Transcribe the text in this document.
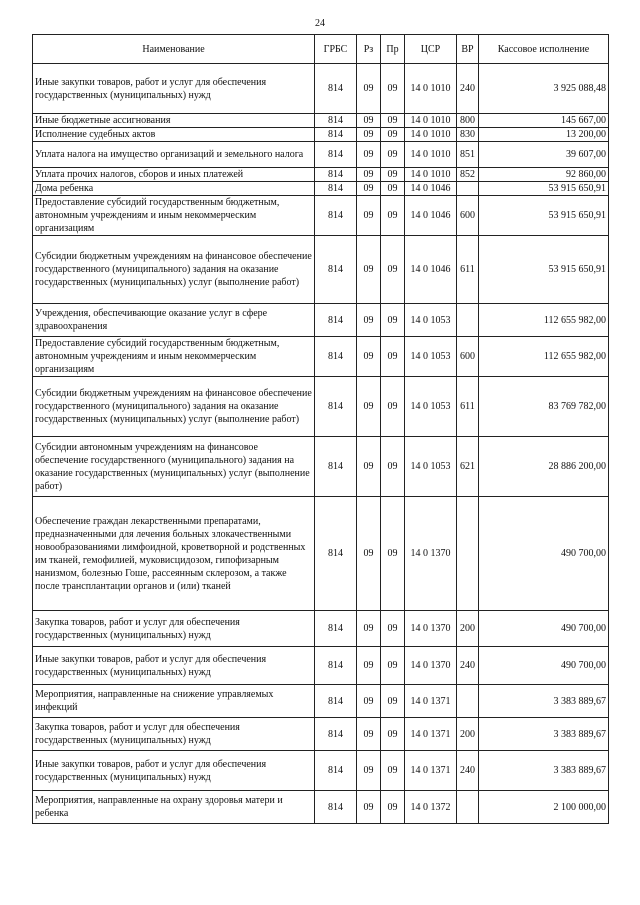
24
Наименование	ГРБС	Рз	Пр	ЦСР	ВР	Кассовое исполнение
Иные закупки товаров, работ и услуг для обеспечения государственных (муниципальных) нужд	814	09	09	14 0 1010	240	3 925 088,48
Иные бюджетные ассигнования	814	09	09	14 0 1010	800	145 667,00
Исполнение судебных актов	814	09	09	14 0 1010	830	13 200,00
Уплата налога на имущество организаций и земельного налога	814	09	09	14 0 1010	851	39 607,00
Уплата прочих налогов, сборов и иных платежей	814	09	09	14 0 1010	852	92 860,00
Дома ребенка	814	09	09	14 0 1046		53 915 650,91
Предоставление субсидий государственным бюджетным, автономным учреждениям и иным некоммерческим организациям	814	09	09	14 0 1046	600	53 915 650,91
Субсидии бюджетным учреждениям на финансовое обеспечение государственного (муниципального) задания на оказание государственных (муниципальных) услуг (выполнение работ)	814	09	09	14 0 1046	611	53 915 650,91
Учреждения, обеспечивающие оказание услуг в сфере здравоохранения	814	09	09	14 0 1053		112 655 982,00
Предоставление субсидий государственным бюджетным, автономным учреждениям и иным некоммерческим организациям	814	09	09	14 0 1053	600	112 655 982,00
Субсидии бюджетным учреждениям на финансовое обеспечение государственного (муниципального) задания на оказание государственных (муниципальных) услуг (выполнение работ)	814	09	09	14 0 1053	611	83 769 782,00
Субсидии автономным учреждениям на финансовое обеспечение государственного (муниципального) задания на оказание государственных (муниципальных) услуг (выполнение работ)	814	09	09	14 0 1053	621	28 886 200,00
Обеспечение граждан лекарственными препаратами, предназначенными для лечения больных злокачественными новообразованиями лимфоидной, кроветворной и родственных им тканей, гемофилией, муковисцидозом, гипофизарным нанизмом, болезнью Гоше, рассеянным склерозом, а также после трансплантации органов и (или) тканей	814	09	09	14 0 1370		490 700,00
Закупка товаров, работ и услуг для обеспечения государственных (муниципальных) нужд	814	09	09	14 0 1370	200	490 700,00
Иные закупки товаров, работ и услуг для обеспечения государственных (муниципальных) нужд	814	09	09	14 0 1370	240	490 700,00
Мероприятия, направленные на снижение управляемых инфекций	814	09	09	14 0 1371		3 383 889,67
Закупка товаров, работ и услуг для обеспечения государственных (муниципальных) нужд	814	09	09	14 0 1371	200	3 383 889,67
Иные закупки товаров, работ и услуг для обеспечения государственных (муниципальных) нужд	814	09	09	14 0 1371	240	3 383 889,67
Мероприятия, направленные на охрану здоровья матери и ребенка	814	09	09	14 0 1372		2 100 000,00
